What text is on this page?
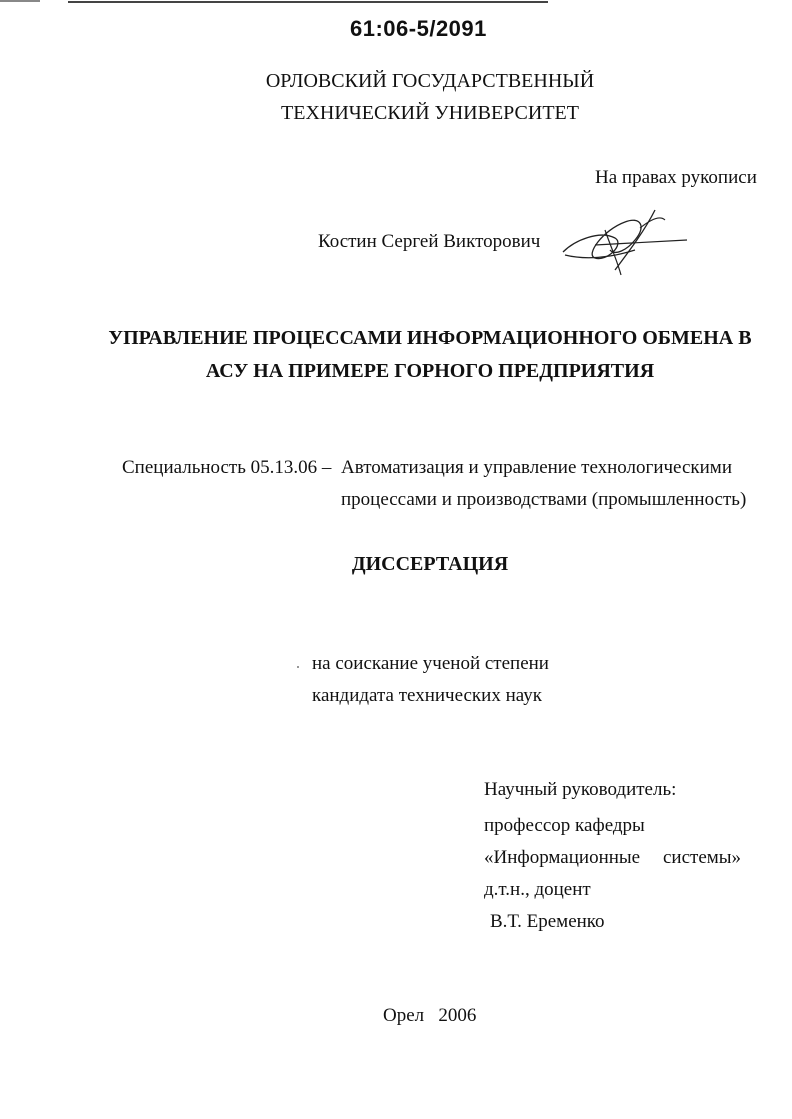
61:06-5/2091
ОРЛОВСКИЙ ГОСУДАРСТВЕННЫЙ
ТЕХНИЧЕСКИЙ УНИВЕРСИТЕТ
На правах рукописи
Костин Сергей Викторович
УПРАВЛЕНИЕ ПРОЦЕССАМИ ИНФОРМАЦИОННОГО ОБМЕНА В
АСУ НА ПРИМЕРЕ ГОРНОГО ПРЕДПРИЯТИЯ
Специальность 05.13.06 – Автоматизация и управление технологическими
процессами и производствами (промышленность)
ДИССЕРТАЦИЯ
на соискание ученой степени
кандидата технических наук
Научный руководитель:
профессор кафедры
«Информационные системы»
д.т.н., доцент
В.Т. Еременко
Орел   2006
